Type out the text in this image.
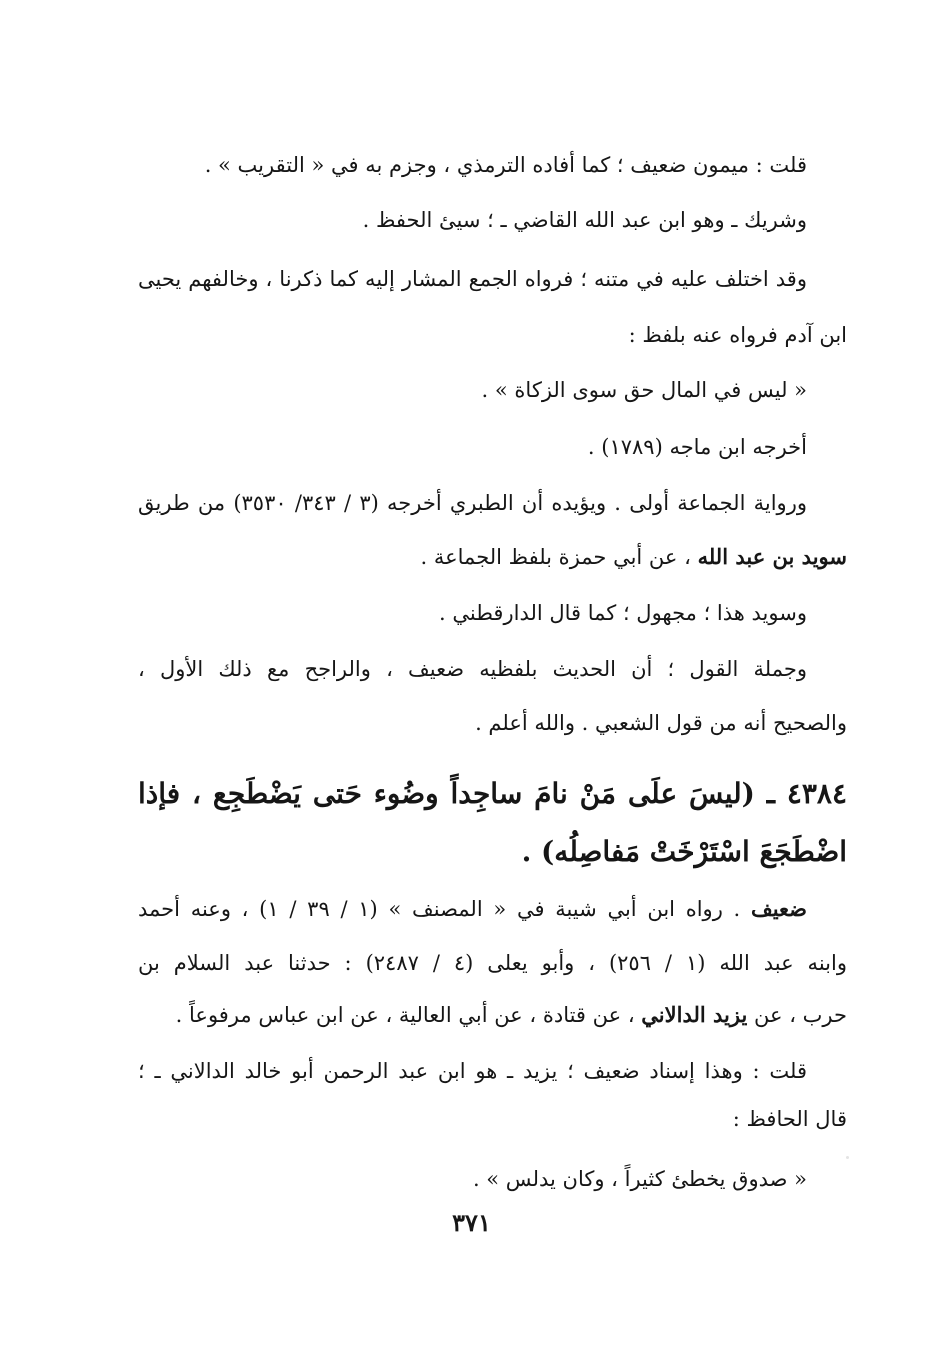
قلت : ميمون ضعيف ؛ كما أفاده الترمذي ، وجزم به في « التقريب » .
وشريك ـ وهو ابن عبد الله القاضي ـ ؛ سيئ الحفظ .
وقد اختلف عليه في متنه ؛ فرواه الجمع المشار إليه كما ذكرنا ، وخالفهم يحيى
ابن آدم فرواه عنه بلفظ :
« ليس في المال حق سوى الزكاة » .
أخرجه ابن ماجه (١٧٨٩) .
ورواية الجماعة أولى . ويؤيده أن الطبري أخرجه (٣ / ٣٤٣/ ٣٥٣٠) من طريق
سويد بن عبد الله ، عن أبي حمزة بلفظ الجماعة .
وسويد هذا ؛ مجهول ؛ كما قال الدارقطني .
وجملة القول ؛ أن الحديث بلفظيه ضعيف ، والراجح مع ذلك الأول ،
والصحيح أنه من قول الشعبي . والله أعلم .
٤٣٨٤ ـ (ليسَ علَى مَنْ نامَ ساجِداً وضُوء حَتى يَضْطَجِع ، فإذا
اضْطَجَعَ اسْتَرْخَتْ مَفاصِلُه) .
ضعيف . رواه ابن أبي شيبة في « المصنف » (١ / ٣٩ / ١) ، وعنه أحمد
وابنه عبد الله (١ / ٢٥٦) ، وأبو يعلى (٤ / ٢٤٨٧) : حدثنا عبد السلام بن
حرب ، عن يزيد الدالاني ، عن قتادة ، عن أبي العالية ، عن ابن عباس مرفوعاً .
قلت : وهذا إسناد ضعيف ؛ يزيد ـ هو ابن عبد الرحمن أبو خالد الدالاني ـ ؛
قال الحافظ :
« صدوق يخطئ كثيراً ، وكان يدلس » .
٣٧١
